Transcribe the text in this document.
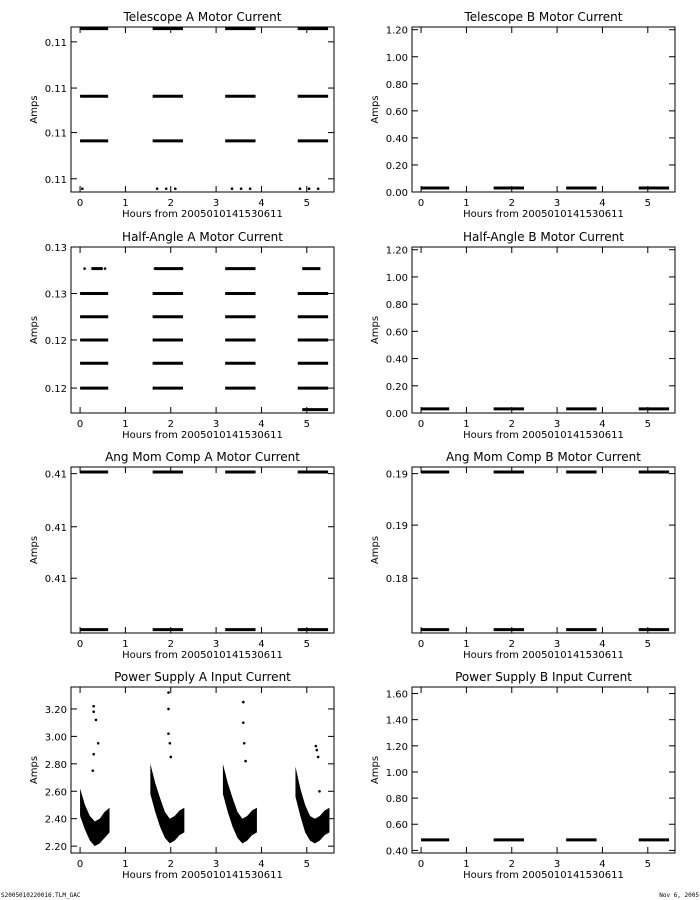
Telescope A Motor Current
0	1	2	3	4	5
0.11
0.11
0.11
0.11
Hours from 2005010141530611
Amps
Telescope B Motor Current
0	1	2	3	4	5
0.00
0.20
0.40
0.60
0.80
1.00
1.20
Hours from 2005010141530611
Amps
Half-Angle A Motor Current
0	1	2	3	4	5
0.12
0.12
0.13
0.13
Hours from 2005010141530611
Amps
Half-Angle B Motor Current
0	1	2	3	4	5
0.00
0.20
0.40
0.60
0.80
1.00
1.20
Hours from 2005010141530611
Amps
Ang Mom Comp A Motor Current
0	1	2	3	4	5
0.41
0.41
0.41
Hours from 2005010141530611
Amps
Ang Mom Comp B Motor Current
0	1	2	3	4	5
0.18
0.19
0.19
Hours from 2005010141530611
Amps
Power Supply A Input Current
0	1	2	3	4	5
2.20
2.40
2.60
2.80
3.00
3.20
Hours from 2005010141530611
Amps
Power Supply B Input Current
0	1	2	3	4	5
0.40
0.60
0.80
1.00
1.20
1.40
1.60
Hours from 2005010141530611
Amps
S2005010220016.TLM_GAC	Nov 6, 2005
